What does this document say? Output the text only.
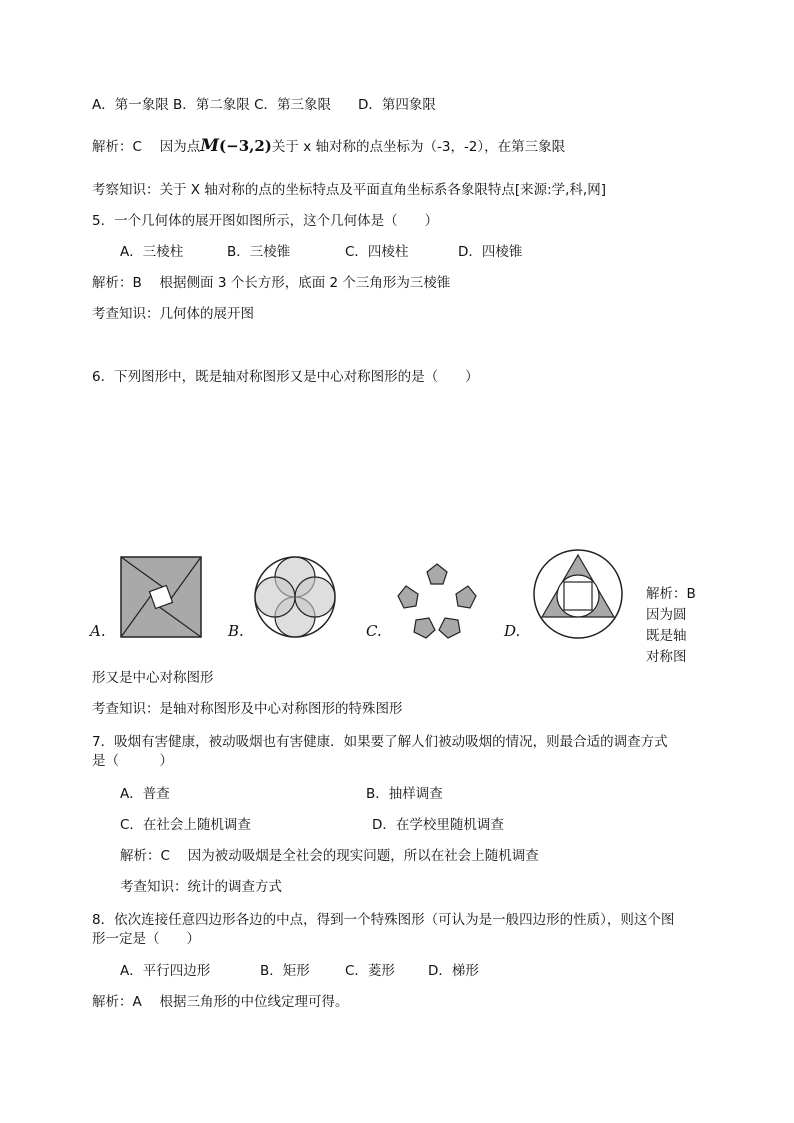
A．第一象限 B．第二象限 C．第三象限　　D．第四象限
解析：C　 因为点M(−3,2)关于 x 轴对称的点坐标为（-3，-2），在第三象限
考察知识：关于 X 轴对称的点的坐标特点及平面直角坐标系各象限特点[来源:学,科,网]
5．一个几何体的展开图如图所示，这个几何体是（　　）
A．三棱柱	B．三棱锥	C．四棱柱	D．四棱锥
解析：B　 根据侧面 3 个长方形，底面 2 个三角形为三棱锥
考查知识：几何体的展开图
6．下列图形中，既是轴对称图形又是中心对称图形的是（　　）
A.	B.	C.	D.
解析：B 因为圆既是轴对称图
形又是中心对称图形
考查知识：是轴对称图形及中心对称图形的特殊图形
7．吸烟有害健康，被动吸烟也有害健康．如果要了解人们被动吸烟的情况，则最合适的调查方式
是（　　　）
A．普查	B．抽样调查
C．在社会上随机调查	D．在学校里随机调查
解析：C　 因为被动吸烟是全社会的现实问题，所以在社会上随机调查
考查知识：统计的调查方式
8．依次连接任意四边形各边的中点，得到一个特殊图形（可认为是一般四边形的性质），则这个图
形一定是（　　）
A．平行四边形	B．矩形	C．菱形 D．梯形
解析：A　 根据三角形的中位线定理可得。
